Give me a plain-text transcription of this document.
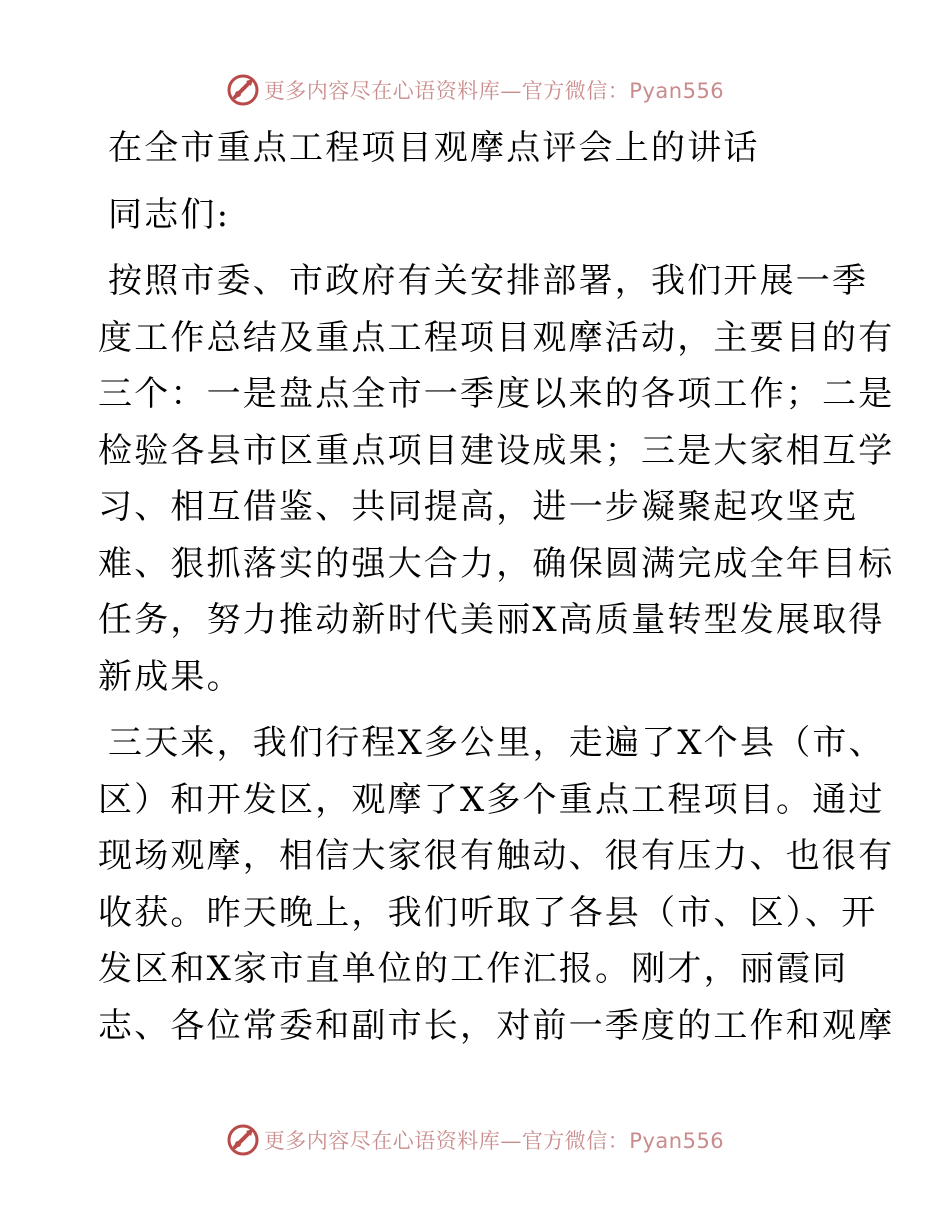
更多内容尽在心语资料库—官方微信：Pyan556
在全市重点工程项目观摩点评会上的讲话
同志们:
按照市委、市政府有关安排部署，我们开展一季
度工作总结及重点工程项目观摩活动，主要目的有
三个：一是盘点全市一季度以来的各项工作；二是
检验各县市区重点项目建设成果；三是大家相互学
习、相互借鉴、共同提高，进一步凝聚起攻坚克
难、狠抓落实的强大合力，确保圆满完成全年目标
任务，努力推动新时代美丽X高质量转型发展取得
新成果。
三天来，我们行程X多公里，走遍了X个县（市、
区）和开发区，观摩了X多个重点工程项目。通过
现场观摩，相信大家很有触动、很有压力、也很有
收获。昨天晚上，我们听取了各县（市、区）、开
发区和X家市直单位的工作汇报。刚才，丽霞同
志、各位常委和副市长，对前一季度的工作和观摩
更多内容尽在心语资料库—官方微信：Pyan556
